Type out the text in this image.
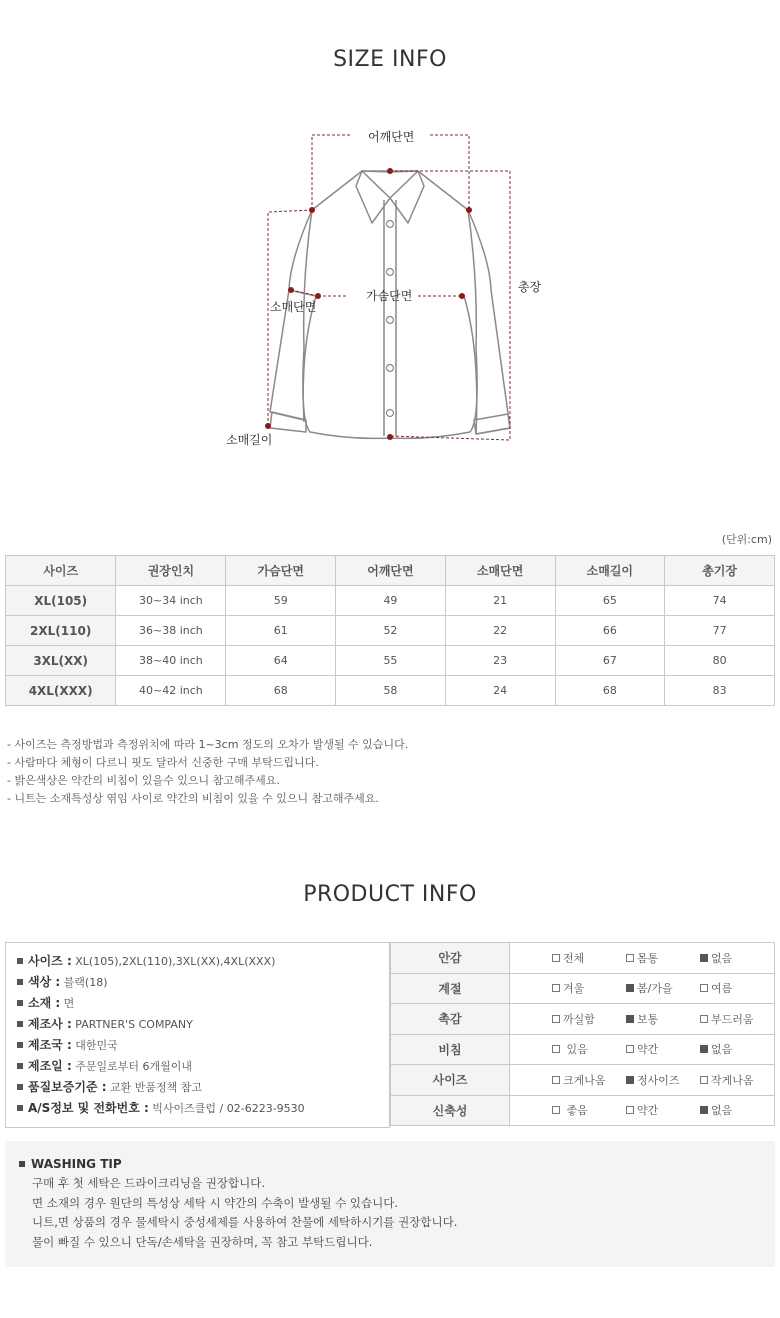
SIZE INFO
어깨단면
가슴단면
총장
소매단면
소매길이
(단위:cm)
사이즈	권장인치	가슴단면	어깨단면	소매단면	소매길이	총기장
XL(105)	30~34 inch	59	49	21	65	74
2XL(110)	36~38 inch	61	52	22	66	77
3XL(XX)	38~40 inch	64	55	23	67	80
4XL(XXX)	40~42 inch	68	58	24	68	83
- 사이즈는 측정방법과 측정위치에 따라 1~3cm 정도의 오차가 발생될 수 있습니다.
- 사람마다 체형이 다르니 핏도 달라서 신중한 구매 부탁드립니다.
- 밝은색상은 약간의 비침이 있을수 있으니 참고해주세요.
- 니트는 소재특성상 엮임 사이로 약간의 비침이 있을 수 있으니 참고해주세요.
PRODUCT INFO
사이즈 : XL(105),2XL(110),3XL(XX),4XL(XXX)
색상 : 블랙(18)
소재 : 면
제조사 : PARTNER'S COMPANY
제조국 : 대한민국
제조일 : 주문일로부터 6개월이내
품질보증기준 : 교환 반품정책 참고
A/S정보 및 전화번호 : 빅사이즈클럽 / 02-6223-9530
안감	전체 몸통 없음
계절	겨울 봄/가을 여름
촉감	까실함 보통 부드러움
비침	있음 약간 없음
사이즈	크게나옴 정사이즈 작게나옴
신축성	좋음 약간 없음
WASHING TIP
구매 후 첫 세탁은 드라이크리닝을 권장합니다.
면 소재의 경우 원단의 특성상 세탁 시 약간의 수축이 발생될 수 있습니다.
니트,면 상품의 경우 물세탁시 중성세제를 사용하여 찬물에 세탁하시기를 권장합니다.
물이 빠질 수 있으니 단독/손세탁을 권장하며, 꼭 참고 부탁드립니다.
